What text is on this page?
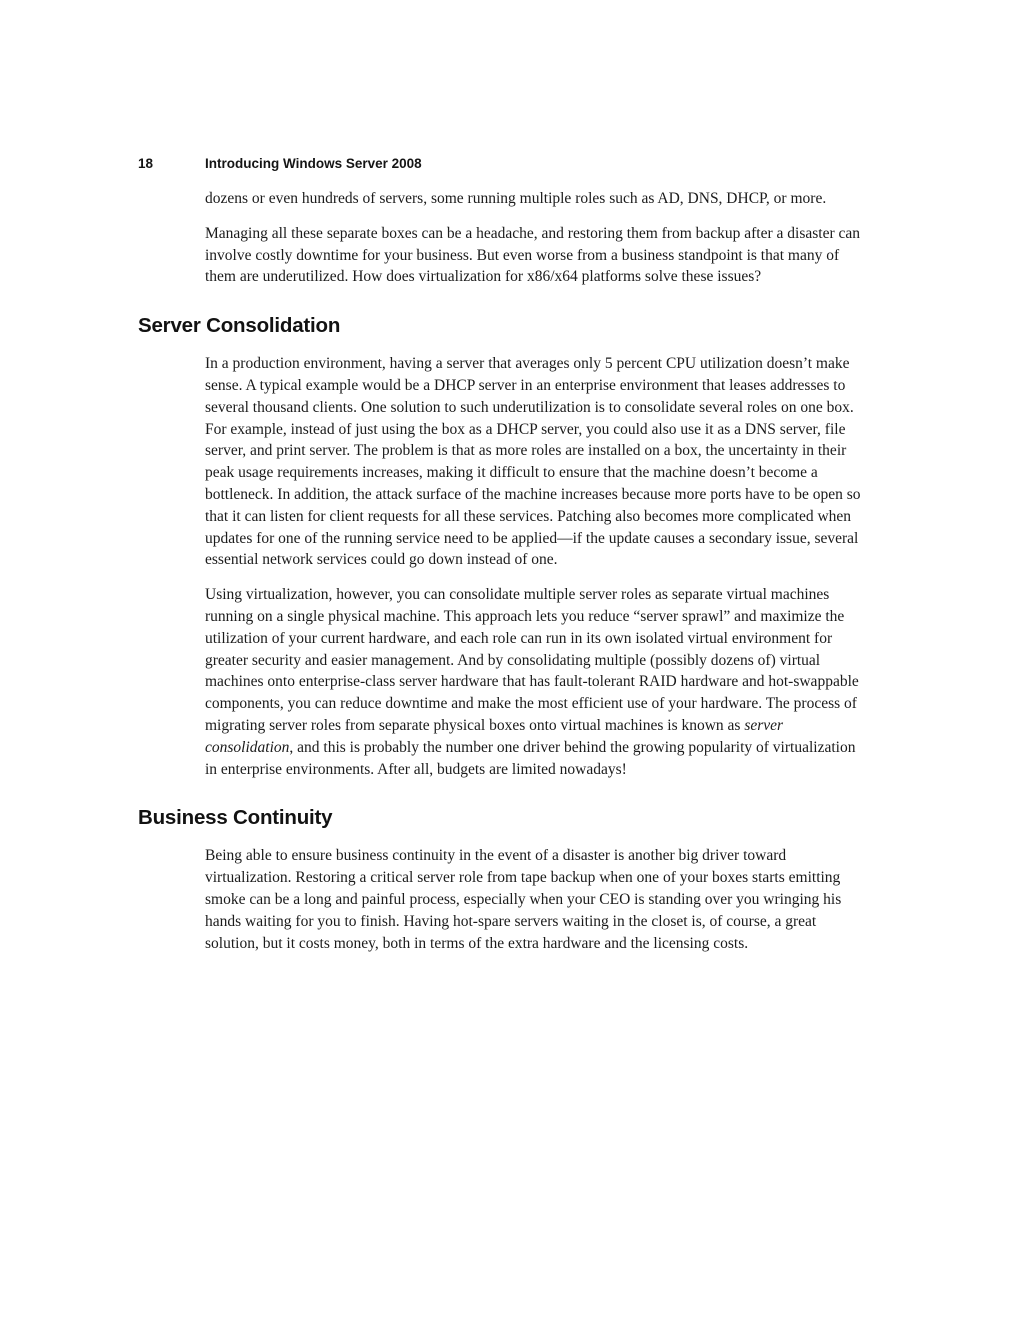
18	Introducing Windows Server 2008

dozens or even hundreds of servers, some running multiple roles such as AD, DNS, DHCP, or more.

Managing all these separate boxes can be a headache, and restoring them from backup after a disaster can involve costly downtime for your business. But even worse from a business standpoint is that many of them are underutilized. How does virtualization for x86/x64 platforms solve these issues?

Server Consolidation

In a production environment, having a server that averages only 5 percent CPU utilization doesn’t make sense. A typical example would be a DHCP server in an enterprise environment that leases addresses to several thousand clients. One solution to such underutilization is to consolidate several roles on one box. For example, instead of just using the box as a DHCP server, you could also use it as a DNS server, file server, and print server. The problem is that as more roles are installed on a box, the uncertainty in their peak usage requirements increases, making it difficult to ensure that the machine doesn’t become a bottleneck. In addition, the attack surface of the machine increases because more ports have to be open so that it can listen for client requests for all these services. Patching also becomes more complicated when updates for one of the running service need to be applied—if the update causes a secondary issue, several essential network services could go down instead of one.

Using virtualization, however, you can consolidate multiple server roles as separate virtual machines running on a single physical machine. This approach lets you reduce “server sprawl” and maximize the utilization of your current hardware, and each role can run in its own isolated virtual environment for greater security and easier management. And by consolidating multiple (possibly dozens of) virtual machines onto enterprise-class server hardware that has fault-tolerant RAID hardware and hot-swappable components, you can reduce downtime and make the most efficient use of your hardware. The process of migrating server roles from separate physical boxes onto virtual machines is known as server consolidation, and this is probably the number one driver behind the growing popularity of virtualization in enterprise environments. After all, budgets are limited nowadays!

Business Continuity

Being able to ensure business continuity in the event of a disaster is another big driver toward virtualization. Restoring a critical server role from tape backup when one of your boxes starts emitting smoke can be a long and painful process, especially when your CEO is standing over you wringing his hands waiting for you to finish. Having hot-spare servers waiting in the closet is, of course, a great solution, but it costs money, both in terms of the extra hardware and the licensing costs.
